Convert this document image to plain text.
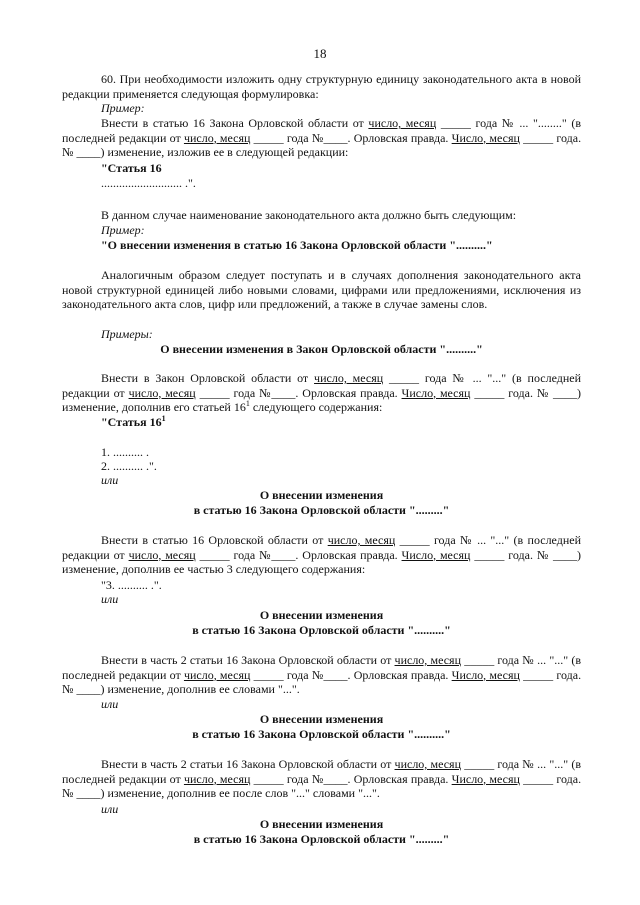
18
60. При необходимости изложить одну структурную единицу законодательного акта в новой редакции применяется следующая формулировка:
Пример:
Внести в статью 16 Закона Орловской области от число, месяц _____ года № ... "........" (в последней редакции от число, месяц _____ года №____. Орловская правда. Число, месяц _____ года. № ____) изменение, изложив ее в следующей редакции:
"Статья 16
........................... .".
В данном случае наименование законодательного акта должно быть следующим:
Пример:
"О внесении изменения в статью 16 Закона Орловской области ".........."
Аналогичным образом следует поступать и в случаях дополнения законодательного акта новой структурной единицей либо новыми словами, цифрами или предложениями, исключения из законодательного акта слов, цифр или предложений, а также в случае замены слов.
Примеры:
О внесении изменения в Закон Орловской области ".........."
Внести в Закон Орловской области от число, месяц _____ года № ... "..." (в последней редакции от число, месяц _____ года №____. Орловская правда. Число, месяц _____ года. № ____) изменение, дополнив его статьей $16^1$ следующего содержания:
"Статья $16^1$
1. .......... .
2. .......... .".
или
О внесении изменения
в статью 16 Закона Орловской области "........."
Внести в статью 16 Орловской области от число, месяц _____ года № ... "..." (в последней редакции от число, месяц _____ года №____. Орловская правда. Число, месяц _____ года. № ____) изменение, дополнив ее частью 3 следующего содержания:
"3. .......... .".
или
О внесении изменения
в статью 16 Закона Орловской области ".........."
Внести в часть 2 статьи 16 Закона Орловской области от число, месяц _____ года № ... "..." (в последней редакции от число, месяц _____ года №____. Орловская правда. Число, месяц _____ года. № ____) изменение, дополнив ее словами "...".
или
О внесении изменения
в статью 16 Закона Орловской области ".........."
Внести в часть 2 статьи 16 Закона Орловской области от число, месяц _____ года № ... "..." (в последней редакции от число, месяц _____ года №____. Орловская правда. Число, месяц _____ года. № ____) изменение, дополнив ее после слов "..." словами "...".
или
О внесении изменения
в статью 16 Закона Орловской области "........."
